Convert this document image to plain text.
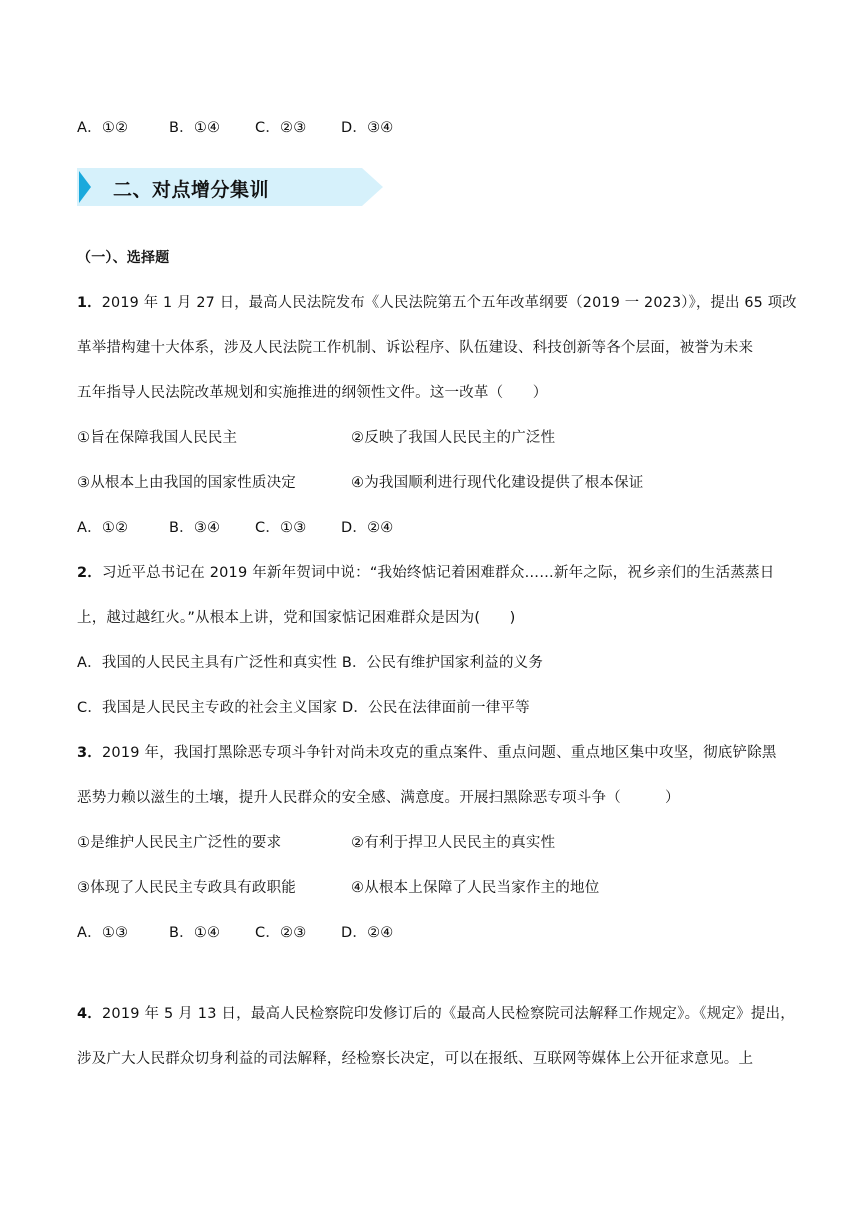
A．①②	B．①④ C．②③ D．③④
二、对点增分集训
（一）、选择题
1．2019 年 1 月 27 日，最高人民法院发布《人民法院第五个五年改革纲要（2019 一 2023）》，提出 65 项改
革举措构建十大体系，涉及人民法院工作机制、诉讼程序、队伍建设、科技创新等各个层面，被誉为未来
五年指导人民法院改革规划和实施推进的纲领性文件。这一改革（　　）
①旨在保障我国人民民主	②反映了我国人民民主的广泛性
③从根本上由我国的国家性质决定	④为我国顺利进行现代化建设提供了根本保证
A．①②	B．③④ C．①③ D．②④
2．习近平总书记在 2019 年新年贺词中说：“我始终惦记着困难群众……新年之际，祝乡亲们的生活蒸蒸日
上，越过越红火。”从根本上讲，党和国家惦记困难群众是因为(　　)
A．我国的人民民主具有广泛性和真实性 B．公民有维护国家利益的义务
C．我国是人民民主专政的社会主义国家 D．公民在法律面前一律平等
3．2019 年，我国打黑除恶专项斗争针对尚未攻克的重点案件、重点问题、重点地区集中攻坚，彻底铲除黑
恶势力赖以滋生的土壤，提升人民群众的安全感、满意度。开展扫黑除恶专项斗争（　　　）
①是维护人民民主广泛性的要求	②有利于捍卫人民民主的真实性
③体现了人民民主专政具有政职能	④从根本上保障了人民当家作主的地位
A．①③	B．①④ C．②③ D．②④
4．2019 年 5 月 13 日，最高人民检察院印发修订后的《最高人民检察院司法解释工作规定》。《规定》提出，
涉及广大人民群众切身利益的司法解释，经检察长决定，可以在报纸、互联网等媒体上公开征求意见。上
